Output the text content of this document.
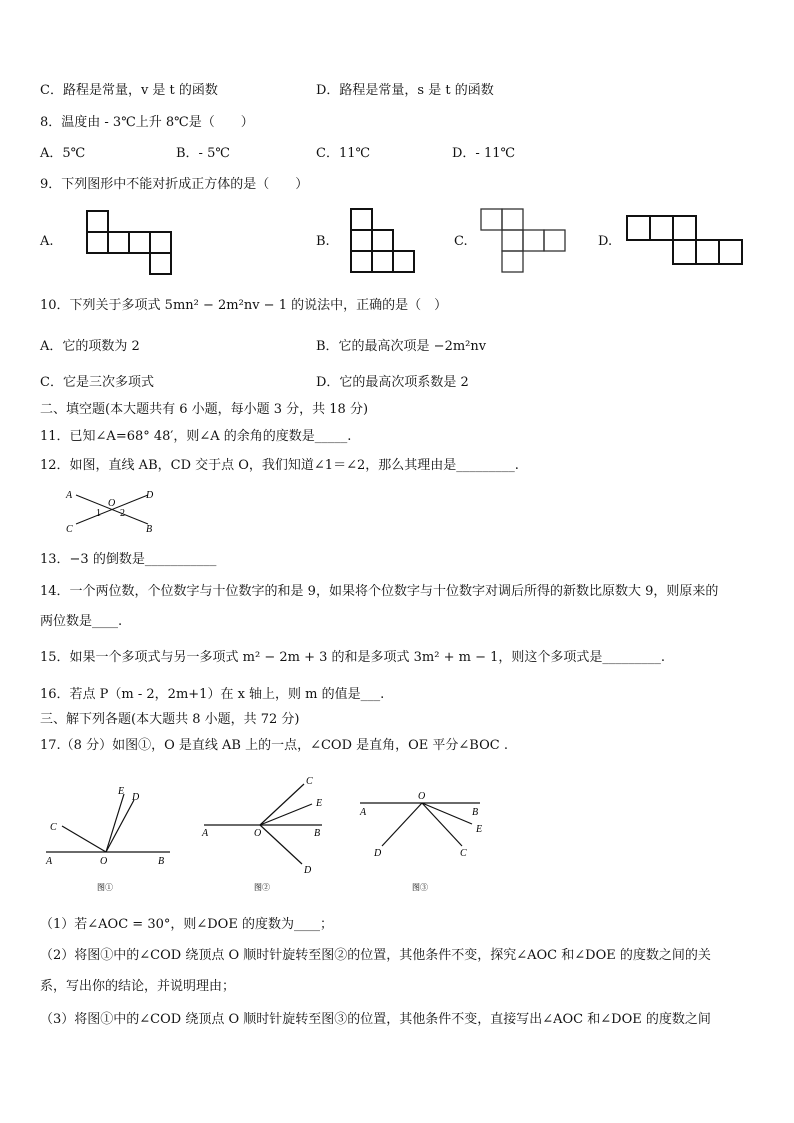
C．路程是常量，v 是 t 的函数	D．路程是常量，s 是 t 的函数
8．温度由 - 3℃上升 8℃是（　　）
A．5℃	B．- 5℃	C．11℃	D．- 11℃
9．下列图形中不能对折成正方体的是（　　）
A.	B.	C.	D.
10．下列关于多项式 5mn² − 2m²nv − 1 的说法中，正确的是（　）
A．它的项数为 2	B．它的最高次项是 −2m²nv
C．它是三次多项式	D．它的最高次项系数是 2
二、填空题(本大题共有 6 小题，每小题 3 分，共 18 分)
11．已知∠A=68° 48′，则∠A 的余角的度数是_____.
12．如图，直线 AB，CD 交于点 O，我们知道∠1＝∠2，那么其理由是_________.
A	D
C	B
O
1 2
13．−3 的倒数是___________
14．一个两位数，个位数字与十位数字的和是 9，如果将个位数字与十位数字对调后所得的新数比原数大 9，则原来的
两位数是____.
15．如果一个多项式与另一多项式 m² − 2m + 3 的和是多项式 3m² + m − 1，则这个多项式是_________.
16．若点 P（m - 2，2m+1）在 x 轴上，则 m 的值是___.
三、解下列各题(本大题共 8 小题，共 72 分)
17.（8 分）如图①，O 是直线 AB 上的一点，∠COD 是直角，OE 平分∠BOC .
C
E
D
A	O	B
图①
C
E
A	O	B
D
图②
O
A	B
E
D	C
图③
（1）若∠AOC = 30°，则∠DOE 的度数为____；
（2）将图①中的∠COD 绕顶点 O 顺时针旋转至图②的位置，其他条件不变，探究∠AOC 和∠DOE 的度数之间的关
系，写出你的结论，并说明理由；
（3）将图①中的∠COD 绕顶点 O 顺时针旋转至图③的位置，其他条件不变，直接写出∠AOC 和∠DOE 的度数之间
